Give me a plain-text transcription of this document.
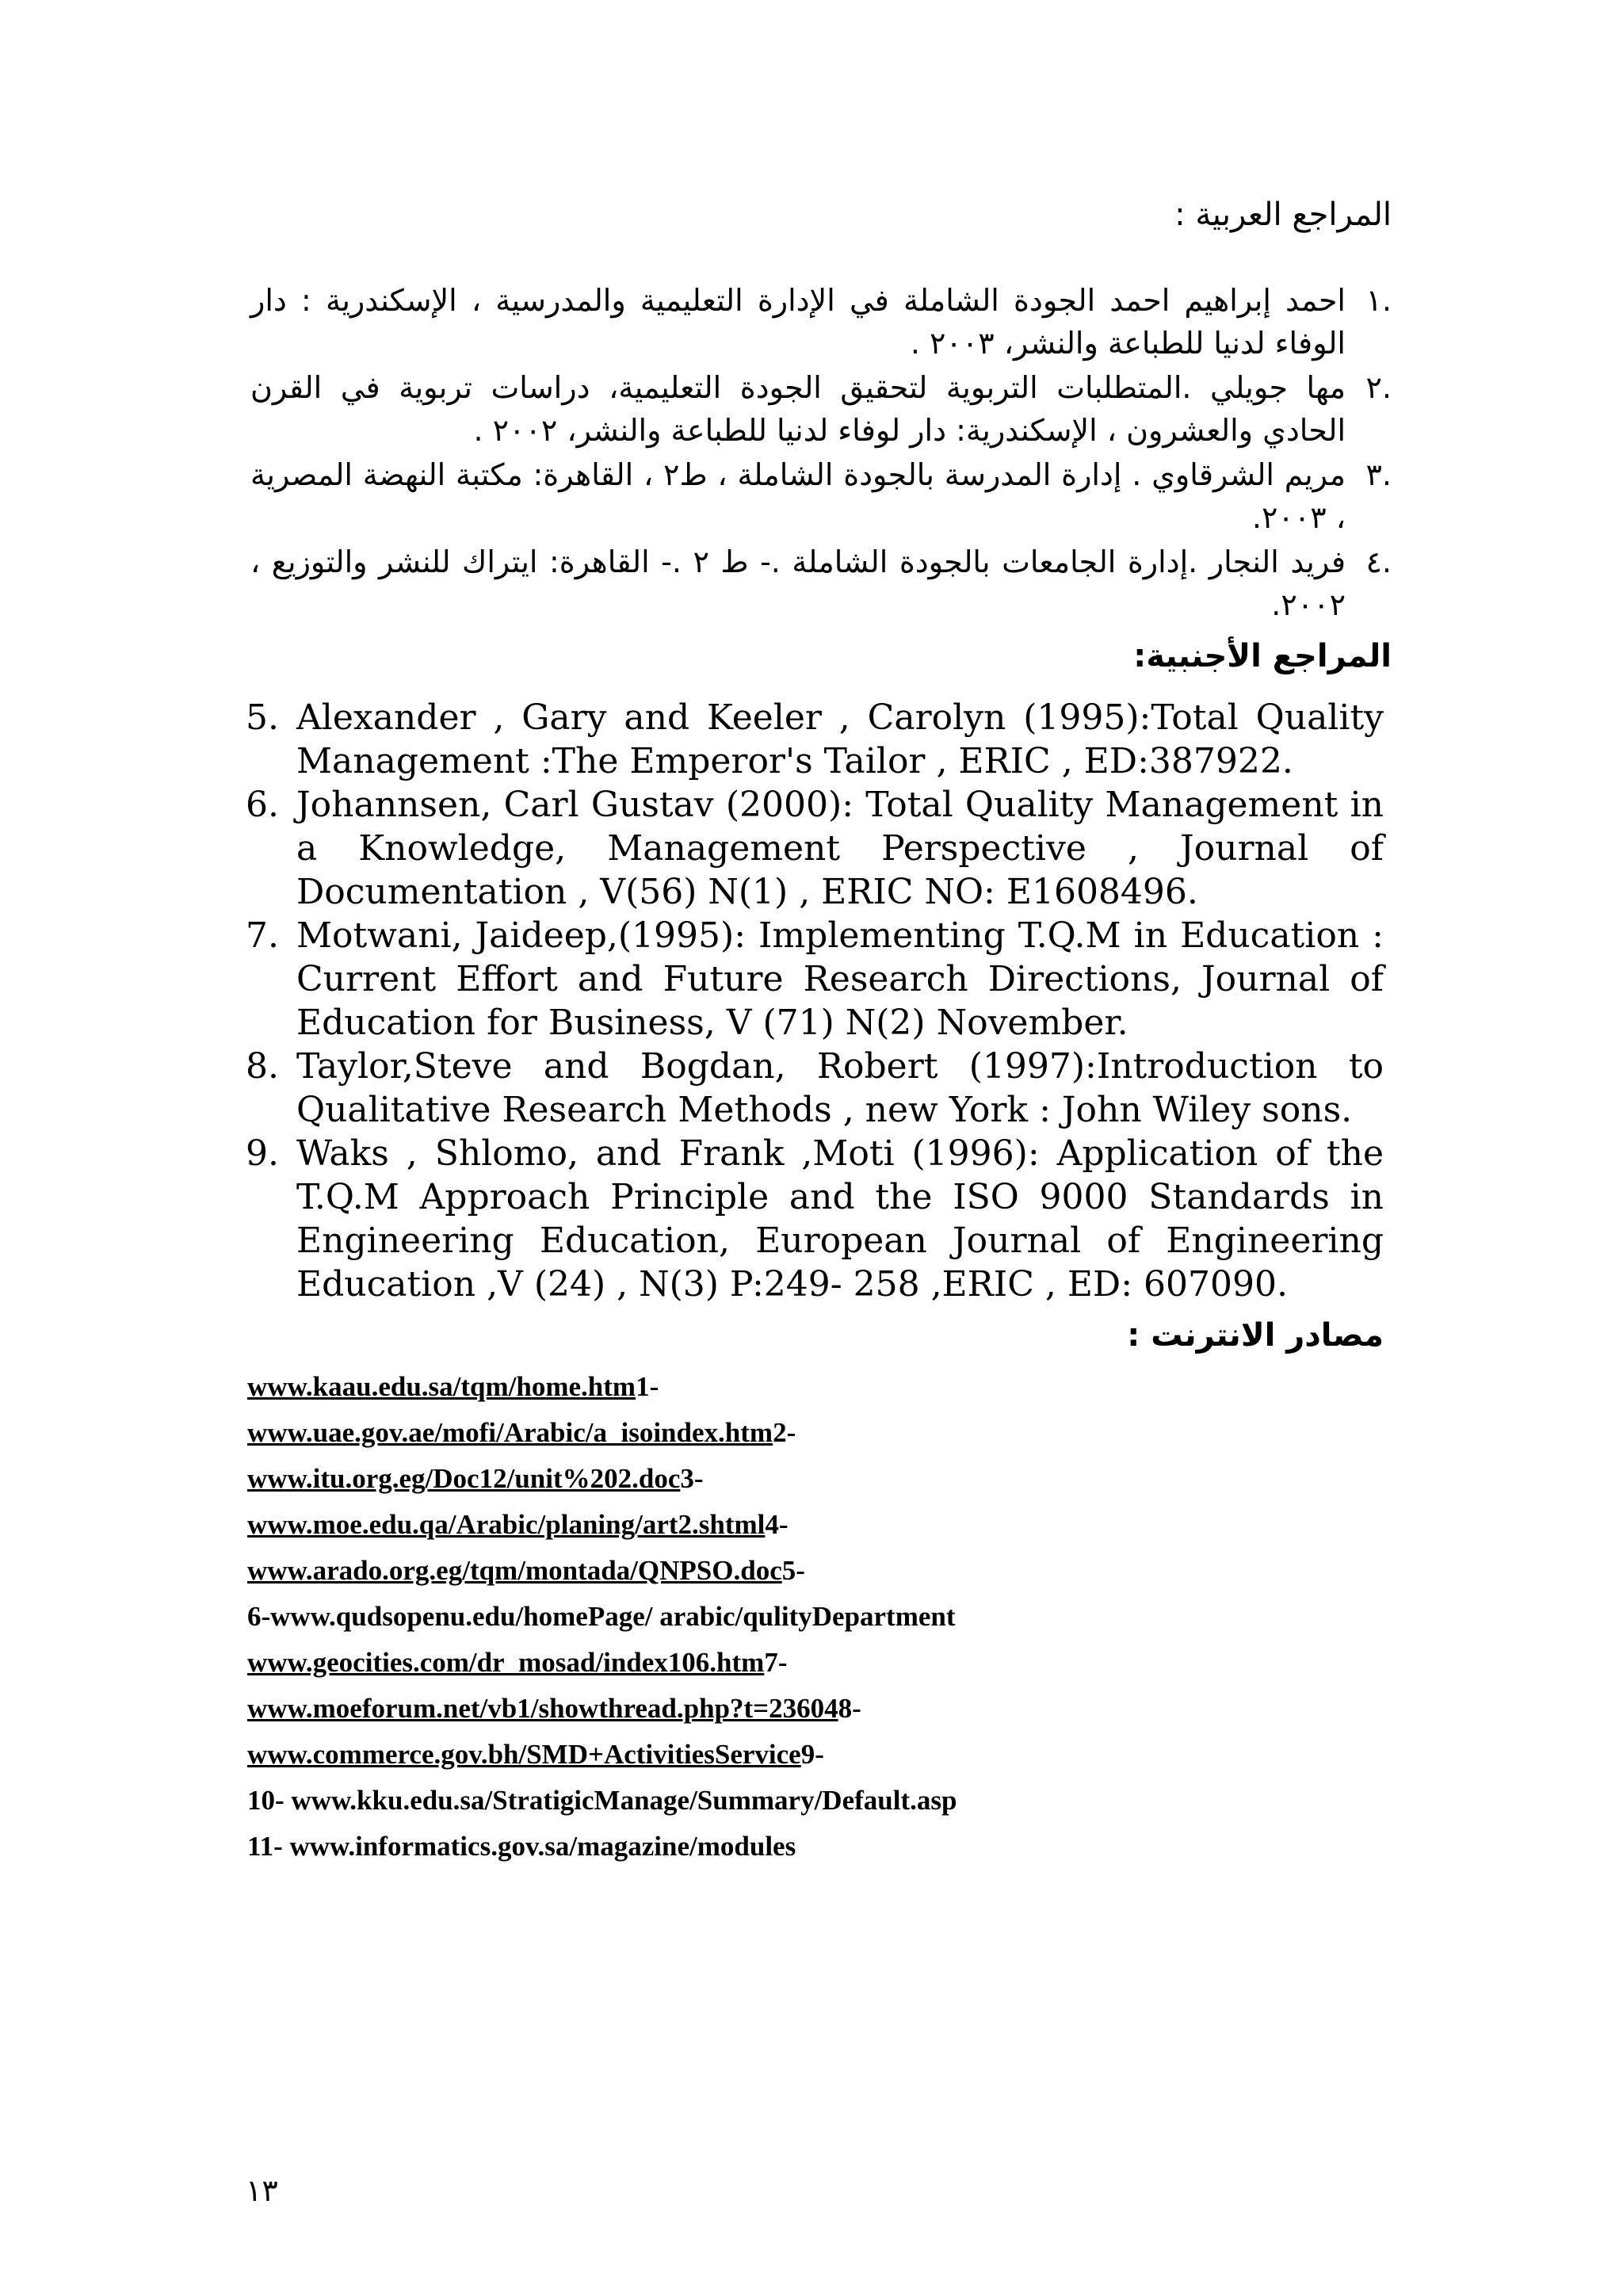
المراجع العربية :
.١
احمد إبراهيم احمد الجودة الشاملة في الإدارة التعليمية والمدرسية ، الإسكندرية : دار الوفاء لدنيا للطباعة والنشر، ٢٠٠٣ .
.٢
مها جويلي .المتطلبات التربوية لتحقيق الجودة التعليمية، دراسات تربوية في القرن الحادي والعشرون ، الإسكندرية: دار لوفاء لدنيا للطباعة والنشر، ٢٠٠٢ .
.٣
مريم الشرقاوي . إدارة المدرسة بالجودة الشاملة ، ط٢ ، القاهرة: مكتبة النهضة المصرية ، ٢٠٠٣.
.٤
فريد النجار .إدارة الجامعات بالجودة الشاملة .- ط ٢ .- القاهرة: ايتراك للنشر والتوزيع ، ٢٠٠٢.
المراجع الأجنبية:
5. Alexander , Gary and Keeler , Carolyn (1995):Total Quality Management :The Emperor's Tailor , ERIC , ED:387922.
6. Johannsen, Carl Gustav (2000): Total Quality Management in a Knowledge, Management Perspective , Journal of Documentation , V(56) N(1) , ERIC NO: E1608496.
7. Motwani, Jaideep,(1995): Implementing T.Q.M in Education : Current Effort and Future Research Directions, Journal of Education for Business, V (71) N(2) November.
8. Taylor,Steve and Bogdan, Robert (1997):Introduction to Qualitative Research Methods , new York : John Wiley sons.
9. Waks , Shlomo, and Frank ,Moti (1996): Application of the T.Q.M Approach Principle and the ISO 9000 Standards in Engineering Education, European Journal of Engineering Education ,V (24) , N(3) P:249- 258 ,ERIC , ED: 607090.
مصادر الانترنت :
www.kaau.edu.sa/tqm/home.htm1-
www.uae.gov.ae/mofi/Arabic/a_isoindex.htm2-
www.itu.org.eg/Doc12/unit%202.doc3-
www.moe.edu.qa/Arabic/planing/art2.shtml4-
www.arado.org.eg/tqm/montada/QNPSO.doc5-
6-www.qudsopenu.edu/homePage/ arabic/qulityDepartment
www.geocities.com/dr_mosad/index106.htm7-
www.moeforum.net/vb1/showthread.php?t=236048-
www.commerce.gov.bh/SMD+ActivitiesService9-
10- www.kku.edu.sa/StratigicManage/Summary/Default.asp
11- www.informatics.gov.sa/magazine/modules
١٣
